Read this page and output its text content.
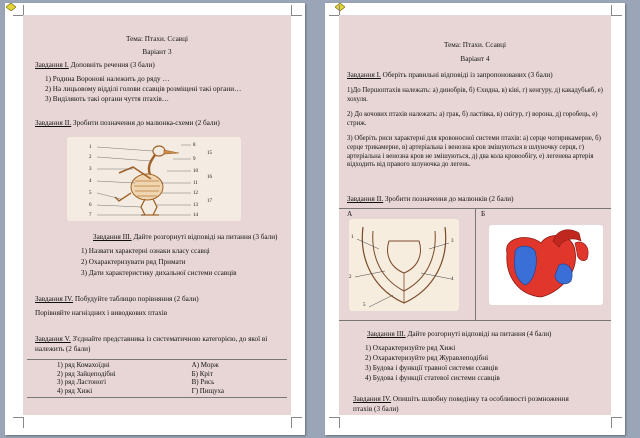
Тема: Птахи. Ссавці
Варіант 3
Завдання І. Доповніть речення (3 бали)
1) Родина Воронові належить до ряду …
2) На лицьовому відділі голови ссавців розміщені такі органи…
3) Виділяють такі органи чуття птахів…
Завдання ІІ. Зробити позначення до малюнка-схеми (2 бали)
1
2
3
4
5
6
7
8
9
10
11
12
13
14
15
16
17
Завдання ІІІ. Дайте розгорнуті відповіді на питання (3 бали)
1) Назвати характерні ознаки класу ссавці
2) Охарактеризувати ряд Примати
3) Дати характеристику дихальної системи ссавців
Завдання ІV. Побудуйте таблицю порівняння (2 бали)
Порівняйте нагніздних і виводкових птахів
Завдання V. З'єднайте представника із систематичною категорією, до якої ві
належить (2 бали)
1) ряд Комахоїдні	А) Морж
2) ряд Зайцеподібні	Б) Кріт
3) ряд Ластоногі	В) Рись
4) ряд Хижі	Г) Пищуха
Тема: Птахи. Ссавці
Варіант 4
Завдання І. Оберіть правильні відповіді із запропонованих (3 бали)
1)До Першоптахів належать: а) динобрів, б) Єхидна, в) ківі, г) кенгуру, д) какадубьяб, е) хохуля.
2) До кочових птахів належать: а) грак, б) ластівка, в) снігур, г) ворона, д) горобець, е) стриж.
3) Оберіть риси характерні для кровоносної системи птахів: а) серце чотирикамерне, б) серце трикамерне, в) артеріальна і венозна кров змішуються в шлуночку серця, г) артеріальна і венозна кров не змішуються, д) два кола кровообігу, е) легенева артерія відходить від правого шлуночка до легень.
Завдання ІІ. Зробити позначення до малюнків (2 бали)
А	Б
1
2
3
4
5
Завдання ІІІ. Дайте розгорнуті відповіді на питання (4 бали)
1) Охарактеризуйте ряд Хижі
2) Охарактеризуйте ряд Журавлеподібні
3) Будова і функції травної системи ссавців
4) Будова і функції статевої системи ссавців
Завдання ІV. Опишіть шлюбну поведінку та особливості розмноження
птахів (3 бали)
